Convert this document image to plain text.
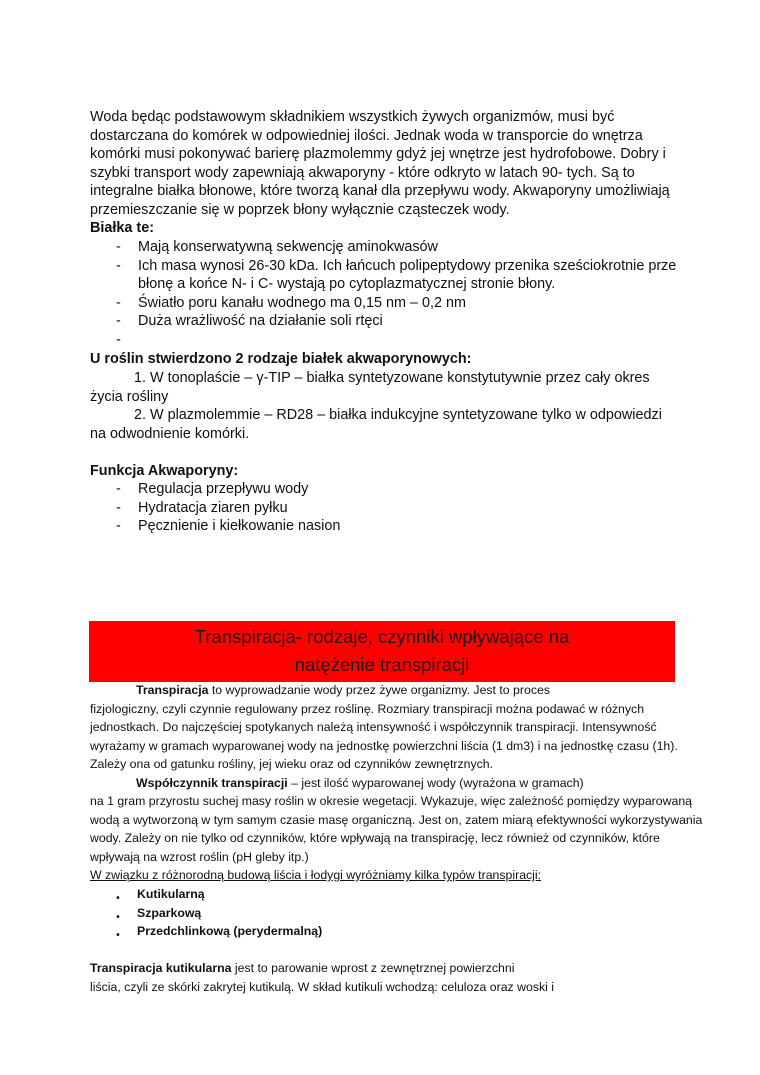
Woda będąc podstawowym składnikiem wszystkich żywych organizmów, musi być
dostarczana do komórek w odpowiedniej ilości. Jednak woda w transporcie do wnętrza
komórki musi pokonywać barierę plazmolemmy gdyż jej wnętrze jest hydrofobowe. Dobry i
szybki transport wody zapewniają akwaporyny - które odkryto w latach 90- tych. Są to
integralne białka błonowe, które tworzą kanał dla przepływu wody. Akwaporyny umożliwiają
przemieszczanie się w poprzek błony wyłącznie cząsteczek wody.
Białka te:
- Mają konserwatywną sekwencję aminokwasów
- Ich masa wynosi 26-30 kDa. Ich łańcuch polipeptydowy przenika sześciokrotnie prze
błonę a końce N- i C- wystają po cytoplazmatycznej stronie błony.
- Światło poru kanału wodnego ma 0,15 nm – 0,2 nm
- Duża wrażliwość na działanie soli rtęci
-
U roślin stwierdzono 2 rodzaje białek akwaporynowych:
1. W tonoplaście – γ-TIP – białka syntetyzowane konstytutywnie przez cały okres
życia rośliny
2. W plazmolemmie – RD28 – białka indukcyjne syntetyzowane tylko w odpowiedzi
na odwodnienie komórki.
Funkcja Akwaporyny:
- Regulacja przepływu wody
- Hydratacja ziaren pyłku
- Pęcznienie i kiełkowanie nasion
Transpiracja- rodzaje, czynniki wpływające na
natężenie transpiracji
Transpiracja to wyprowadzanie wody przez żywe organizmy. Jest to proces
fizjologiczny, czyli czynnie regulowany przez roślinę. Rozmiary transpiracji można podawać w różnych
jednostkach. Do najczęściej spotykanych należą intensywność i współczynnik transpiracji. Intensywność
wyrażamy w gramach wyparowanej wody na jednostkę powierzchni liścia (1 dm3) i na jednostkę czasu (1h).
Zależy ona od gatunku rośliny, jej wieku oraz od czynników zewnętrznych.
Współczynnik transpiracji – jest ilość wyparowanej wody (wyrażona w gramach)
na 1 gram przyrostu suchej masy roślin w okresie wegetacji. Wykazuje, więc zależność pomiędzy wyparowaną
wodą a wytworzoną w tym samym czasie masę organiczną. Jest on, zatem miarą efektywności wykorzystywania
wody. Zależy on nie tylko od czynników, które wpływają na transpirację, lecz również od czynników, które
wpływają na wzrost roślin (pH gleby itp.)
W związku z różnorodną budową liścia i łodygi wyróżniamy kilka typów transpiracji:
• Kutikularną
• Szparkową
• Przedchlinkową (perydermalną)
Transpiracja kutikularna jest to parowanie wprost z zewnętrznej powierzchni
liścia, czyli ze skórki zakrytej kutikulą. W skład kutikuli wchodzą: celuloza oraz woski i
